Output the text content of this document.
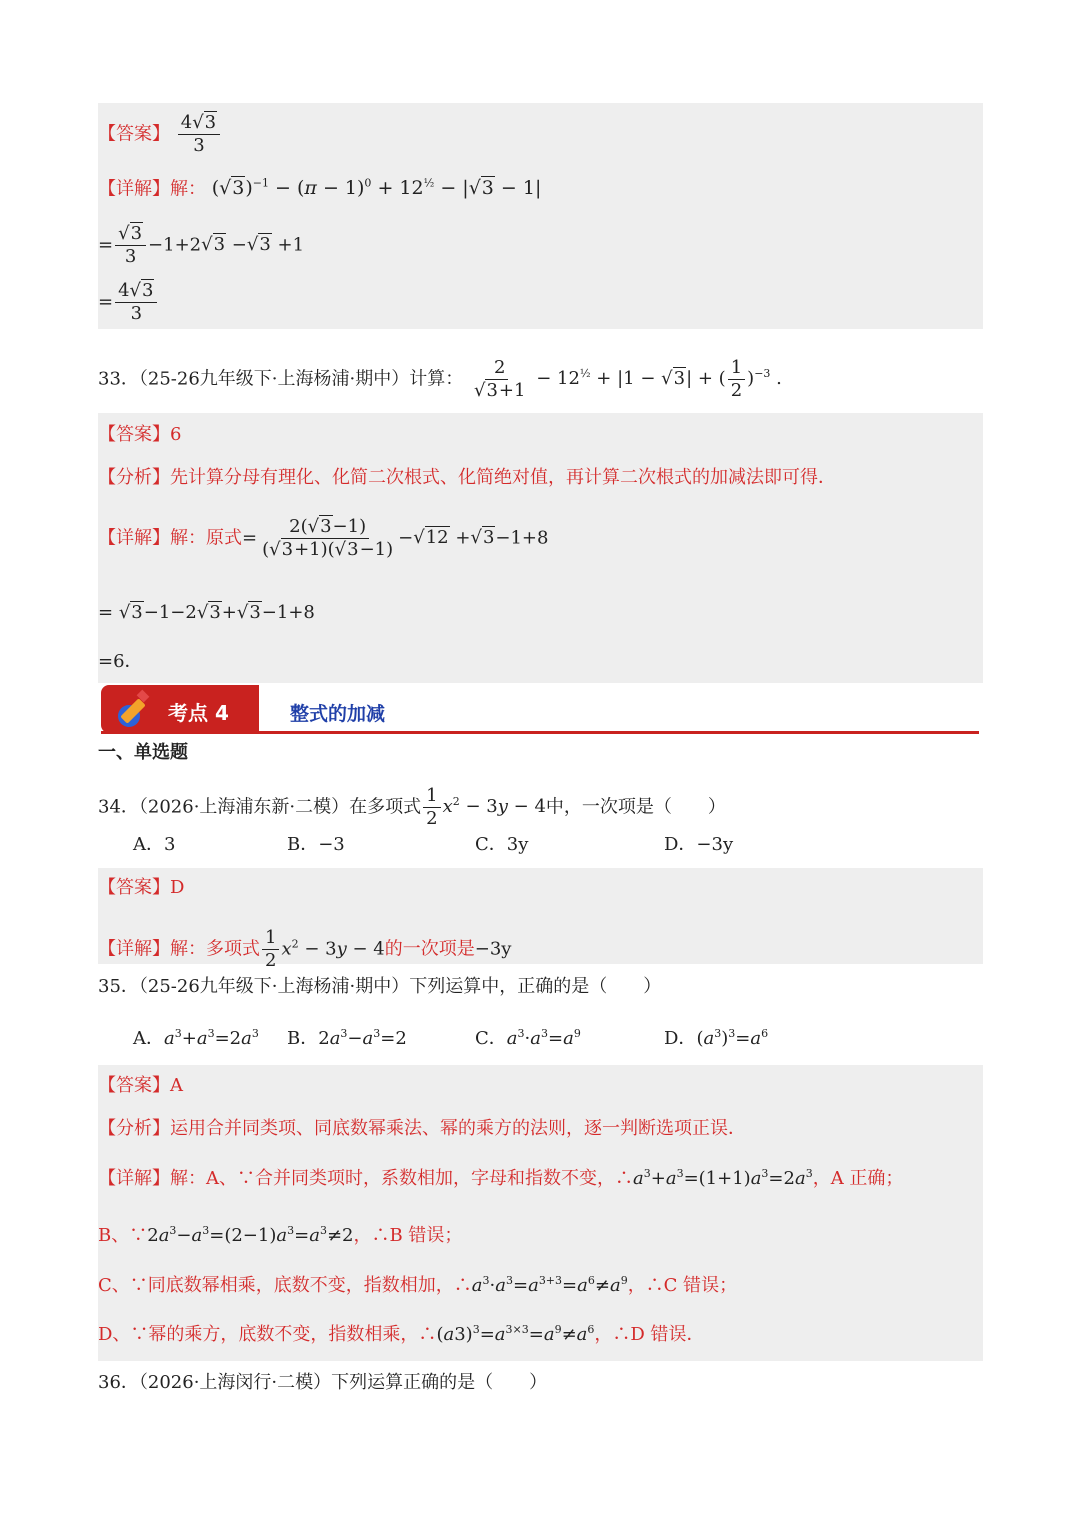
【答案】 $\frac{4√ 3}{3}$
【详解】解： (√ $3)^{-1} - (\pi - 1)^0 + 12^{\frac{1}{2}}$ − |√ 3 − 1|
=
√ $\frac{3}{3} -1+2√$ 3 −√ 3 +1
= $\frac{4√ 3}{3}$
33．（25-26九年级下·上海杨浦·期中）计算： 2
√ $3+1 - 12^{\frac{1}{2}} + |1$ − √ 3| + ( $\frac{1}{2} )^{-3}$ .
【答案】6
【分析】先计算分母有理化、化简二次根式、化简绝对值，再计算二次根式的加减法即可得．
【详解】解：原式= $\frac{2(√ 3-1)}{(√ 3+1)(√ 3-1)}$ −√ 12 +√ 3−1+8
= √ 3−1−2√ 3+√ 3−1+8
=6．
考点 4	整式的加减
一、单选题
34．（2026·上海浦东新·二模）在多项式 $\frac{1}{2} x^2 - 3y - 4$中，一次项是（　　）
A．3	B．−3	C．3y	D．−3y
【答案】D
【详解】解：多项式 $\frac{1}{2} x^2 - 3y - 4$的一次项是−3y
35．（25-26九年级下·上海杨浦·期中）下列运算中，正确的是（　　）
A．$a^3+a^3=2a^3$ B．$2a^3-a^3=2$	C．$a^3\cdot a^3=a^9$	D．$(a^3)^3=a^6$
【答案】A
【分析】运用合并同类项、同底数幂乘法、幂的乘方的法则，逐一判断选项正误．
【详解】解：A、∵合并同类项时，系数相加，字母和指数不变，$\therefore a^3+a^3=(1+1)a^3=2a^3$，A 正确；
B、$\because 2a^3-a^3=(2-1)a^3=a^3\ne 2$，∴B 错误；
C、∵同底数幂相乘，底数不变，指数相加，$\therefore a^3\cdot a^3=a^{3+3}=a^6\ne a^9$，∴C 错误；
D、∵幂的乘方，底数不变，指数相乘，$\therefore(a3)^3=a^{3\times 3}=a^9\ne a^6$，∴D 错误．
36．（2026·上海闵行·二模）下列运算正确的是（　　）
